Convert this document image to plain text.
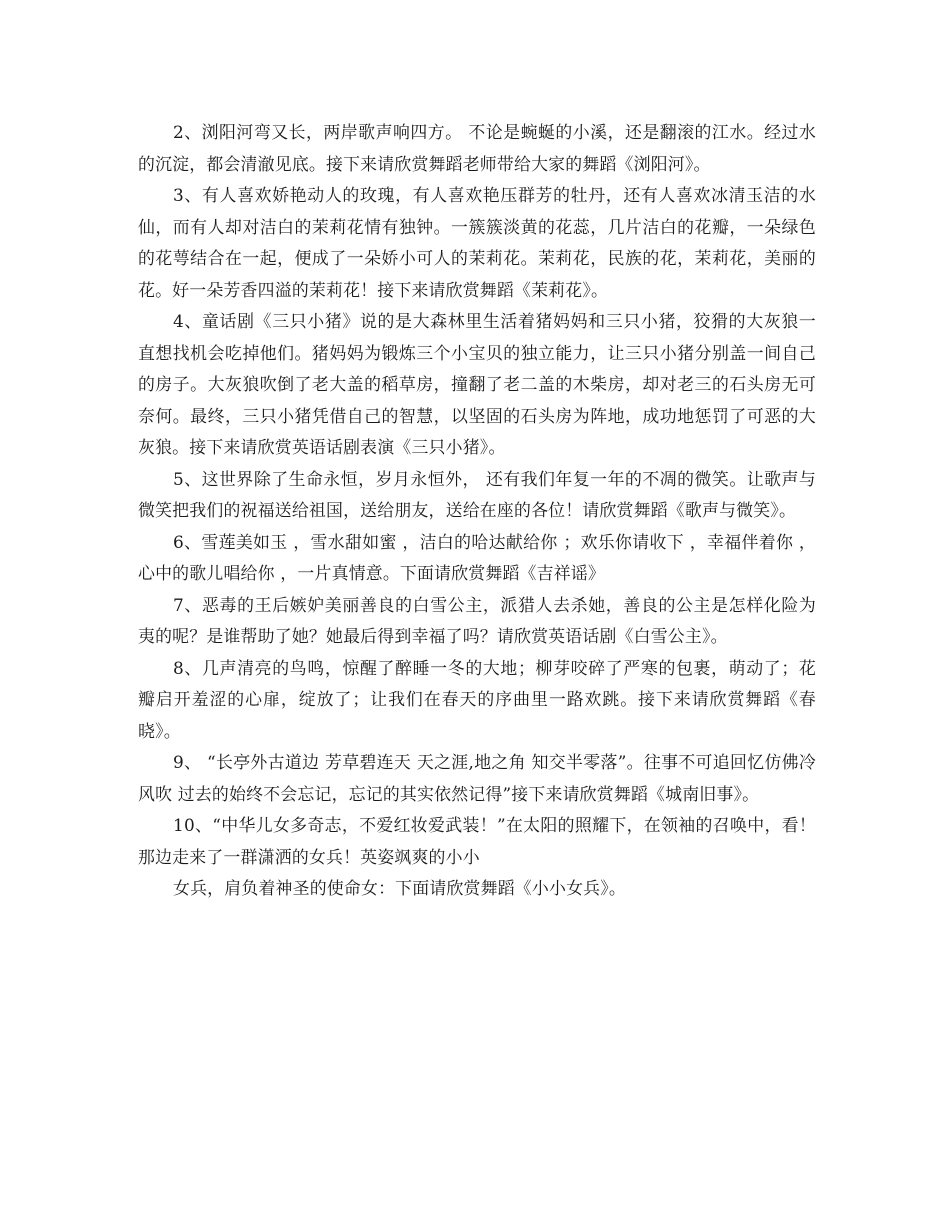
2、浏阳河弯又长，两岸歌声响四方。 不论是蜿蜒的小溪，还是翻滚的江水。经过水的沉淀，都会清澈见底。接下来请欣赏舞蹈老师带给大家的舞蹈《浏阳河》。

3、有人喜欢娇艳动人的玫瑰，有人喜欢艳压群芳的牡丹，还有人喜欢冰清玉洁的水仙，而有人却对洁白的茉莉花情有独钟。一簇簇淡黄的花蕊，几片洁白的花瓣，一朵绿色的花萼结合在一起，便成了一朵娇小可人的茉莉花。茉莉花，民族的花，茉莉花，美丽的花。好一朵芳香四溢的茉莉花！接下来请欣赏舞蹈《茉莉花》。

4、童话剧《三只小猪》说的是大森林里生活着猪妈妈和三只小猪，狡猾的大灰狼一直想找机会吃掉他们。猪妈妈为锻炼三个小宝贝的独立能力，让三只小猪分别盖一间自己的房子。大灰狼吹倒了老大盖的稻草房，撞翻了老二盖的木柴房，却对老三的石头房无可奈何。最终，三只小猪凭借自己的智慧，以坚固的石头房为阵地，成功地惩罚了可恶的大灰狼。接下来请欣赏英语话剧表演《三只小猪》。

5、这世界除了生命永恒，岁月永恒外， 还有我们年复一年的不凋的微笑。让歌声与微笑把我们的祝福送给祖国，送给朋友，送给在座的各位！请欣赏舞蹈《歌声与微笑》。

6、雪莲美如玉 ，雪水甜如蜜 ，洁白的哈达献给你 ；欢乐你请收下 ，幸福伴着你 ，心中的歌儿唱给你 ，一片真情意。下面请欣赏舞蹈《吉祥谣》

7、恶毒的王后嫉妒美丽善良的白雪公主，派猎人去杀她，善良的公主是怎样化险为夷的呢？是谁帮助了她？她最后得到幸福了吗？请欣赏英语话剧《白雪公主》。

8、几声清亮的鸟鸣，惊醒了醉睡一冬的大地；柳芽咬碎了严寒的包裹，萌动了；花瓣启开羞涩的心扉，绽放了；让我们在春天的序曲里一路欢跳。接下来请欣赏舞蹈《春晓》。

9、 “长亭外古道边 芳草碧连天 天之涯,地之角 知交半零落”。往事不可追回忆仿佛冷风吹 过去的始终不会忘记，忘记的其实依然记得”接下来请欣赏舞蹈《城南旧事》。

10、“中华儿女多奇志，不爱红妆爱武装！”在太阳的照耀下，在领袖的召唤中，看！那边走来了一群潇洒的女兵！英姿飒爽的小小

女兵，肩负着神圣的使命女：下面请欣赏舞蹈《小小女兵》。
